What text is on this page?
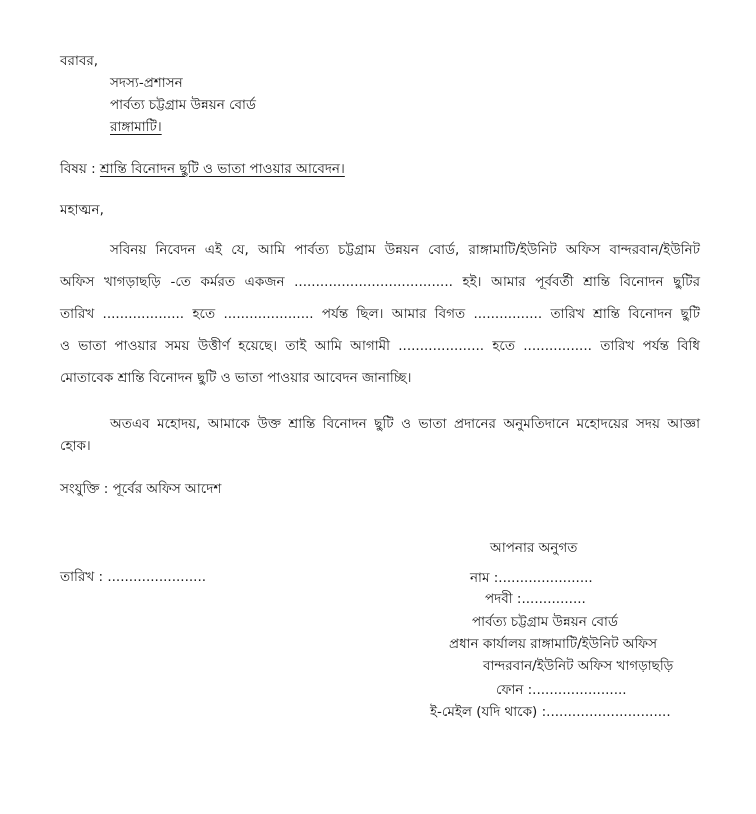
বরাবর,
সদস্য-প্রশাসন
পার্বত্য চট্টগ্রাম উন্নয়ন বোর্ড
রাঙ্গামাটি।
বিষয় : শ্রান্তি বিনোদন ছুটি ও ভাতা পাওয়ার আবেদন।
মহাত্মন,
সবিনয় নিবেদন এই যে, আমি পার্বত্য চট্টগ্রাম উন্নয়ন বোর্ড, রাঙ্গামাটি/ইউনিট অফিস বান্দরবান/ইউনিট
অফিস খাগড়াছড়ি -তে কর্মরত একজন ..................................... হই। আমার পূর্ববর্তী শ্রান্তি বিনোদন ছুটির
তারিখ ................... হতে ..................... পর্যন্ত ছিল। আমার বিগত ................ তারিখ শ্রান্তি বিনোদন ছুটি
ও ভাতা পাওয়ার সময় উত্তীর্ণ হয়েছে। তাই আমি আগামী .................... হতে ................ তারিখ পর্যন্ত বিধি
মোতাবেক শ্রান্তি বিনোদন ছুটি ও ভাতা পাওয়ার আবেদন জানাচ্ছি।
অতএব মহোদয়, আমাকে উক্ত শ্রান্তি বিনোদন ছুটি ও ভাতা প্রদানের অনুমতিদানে মহোদয়ের সদয় আজ্ঞা
হোক।
সংযুক্তি : পূর্বের অফিস আদেশ
আপনার অনুগত
তারিখ : .......................	নাম :......................
পদবী :...............
পার্বত্য চট্টগ্রাম উন্নয়ন বোর্ড
প্রধান কার্যালয় রাঙ্গামাটি/ইউনিট অফিস
বান্দরবান/ইউনিট অফিস খাগড়াছড়ি
ফোন :......................
ই-মেইল (যদি থাকে) :.............................
